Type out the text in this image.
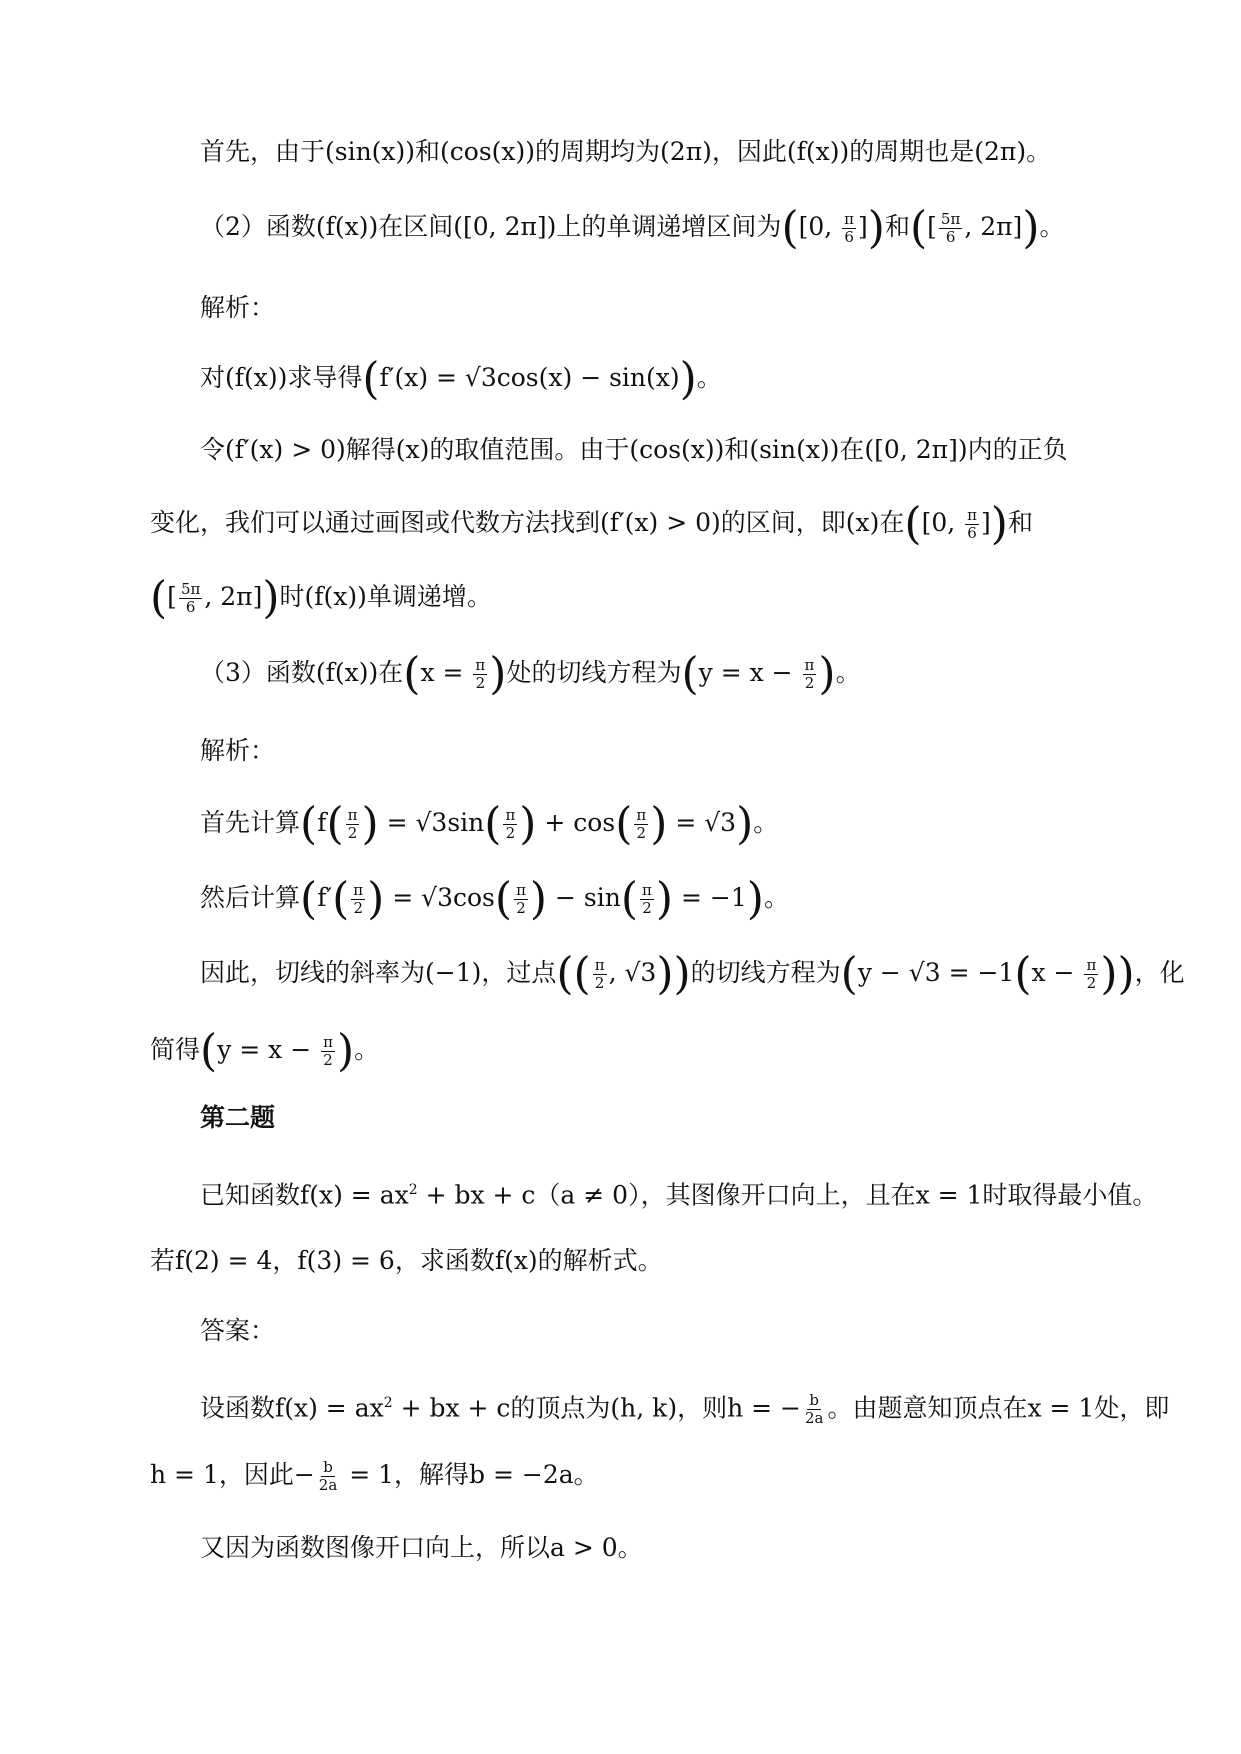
首先，由于(sin(x))和(cos(x))的周期均为(2π)，因此(f(x))的周期也是(2π)。
（2）函数(f(x))在区间([0, 2π])上的单调递增区间为([0, $\frac{\pi}{6}$ ])和([ $\frac{5\pi}{6}$ , 2π])。
解析：
对(f(x))求导得(f′(x) = √3cos(x) − sin(x))。
令(f′(x) > 0)解得(x)的取值范围。由于(cos(x))和(sin(x))在([0, 2π])内的正负
变化，我们可以通过画图或代数方法找到(f′(x) > 0)的区间，即(x)在([0, $\frac{\pi}{6}$ ])和
([ $\frac{5\pi}{6}$ , 2π])时(f(x))单调递增。
（3）函数(f(x))在($x = \frac{\pi}{2}$ )处的切线方程为($y = x - \frac{\pi}{2}$ )。
解析：
首先计算($f( \frac{\pi}{2}$ ) = $√3\sin( \frac{\pi}{2}$ ) + $\cos( \frac{\pi}{2}$ ) = √3)。
然后计算($f'( \frac{\pi}{2}$ ) = $√3\cos( \frac{\pi}{2}$ ) − $\sin( \frac{\pi}{2}$ ) = −1)。
因此，切线的斜率为(−1)，过点(( $\frac{\pi}{2}$ , √3))的切线方程为($y - √3 = -1(x - \frac{\pi}{2}$ ))，化
简得($y = x - \frac{\pi}{2}$ )。
第二题
已知函数$f(x) = ax^2$ + bx + c（a ≠ 0），其图像开口向上，且在x = 1时取得最小值。
若f(2) = 4，f(3) = 6，求函数f(x)的解析式。
答案：
设函数$f(x) = ax^2$ + bx + c的顶点为(h, k)，则h = − $\frac{b}{2a}$ 。由题意知顶点在x = 1处，即
h = 1，因此− $\frac{b}{2a} = 1$，解得b = −2a。
又因为函数图像开口向上，所以a > 0。
